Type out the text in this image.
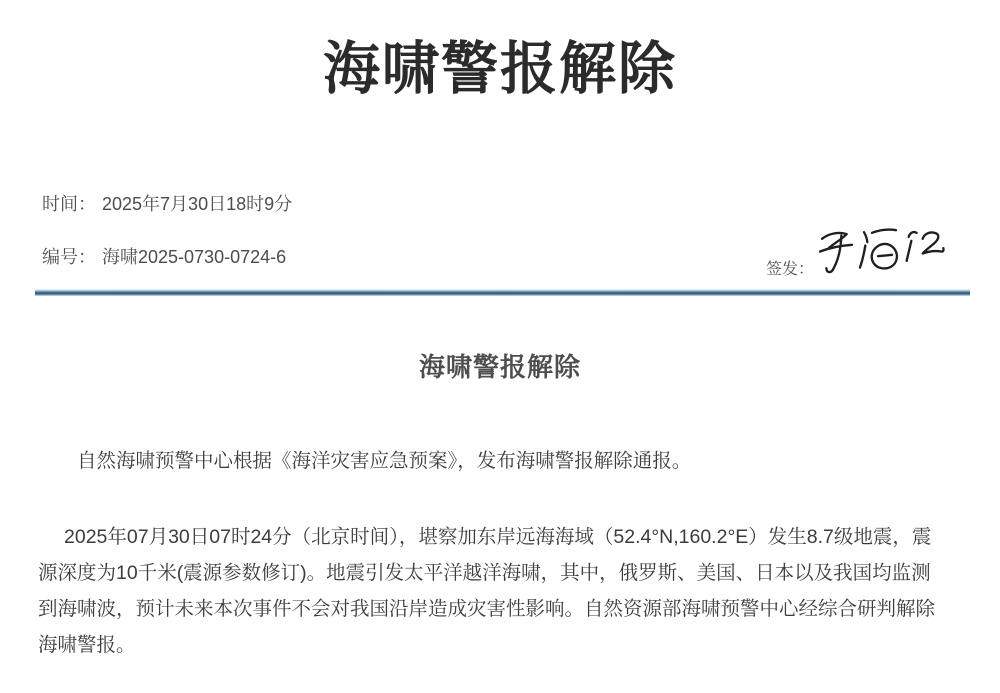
海啸警报解除
时间： 2025年7月30日18时9分
编号： 海啸2025-0730-0724-6
签发：
海啸警报解除
自然海啸预警中心根据《海洋灾害应急预案》，发布海啸警报解除通报。
2025年07月30日07时24分（北京时间），堪察加东岸远海海域（52.4°N,160.2°E）发生8.7级地震，震
源深度为10千米(震源参数修订)。地震引发太平洋越洋海啸，其中，俄罗斯、美国、日本以及我国均监测
到海啸波，预计未来本次事件不会对我国沿岸造成灾害性影响。自然资源部海啸预警中心经综合研判解除
海啸警报。
